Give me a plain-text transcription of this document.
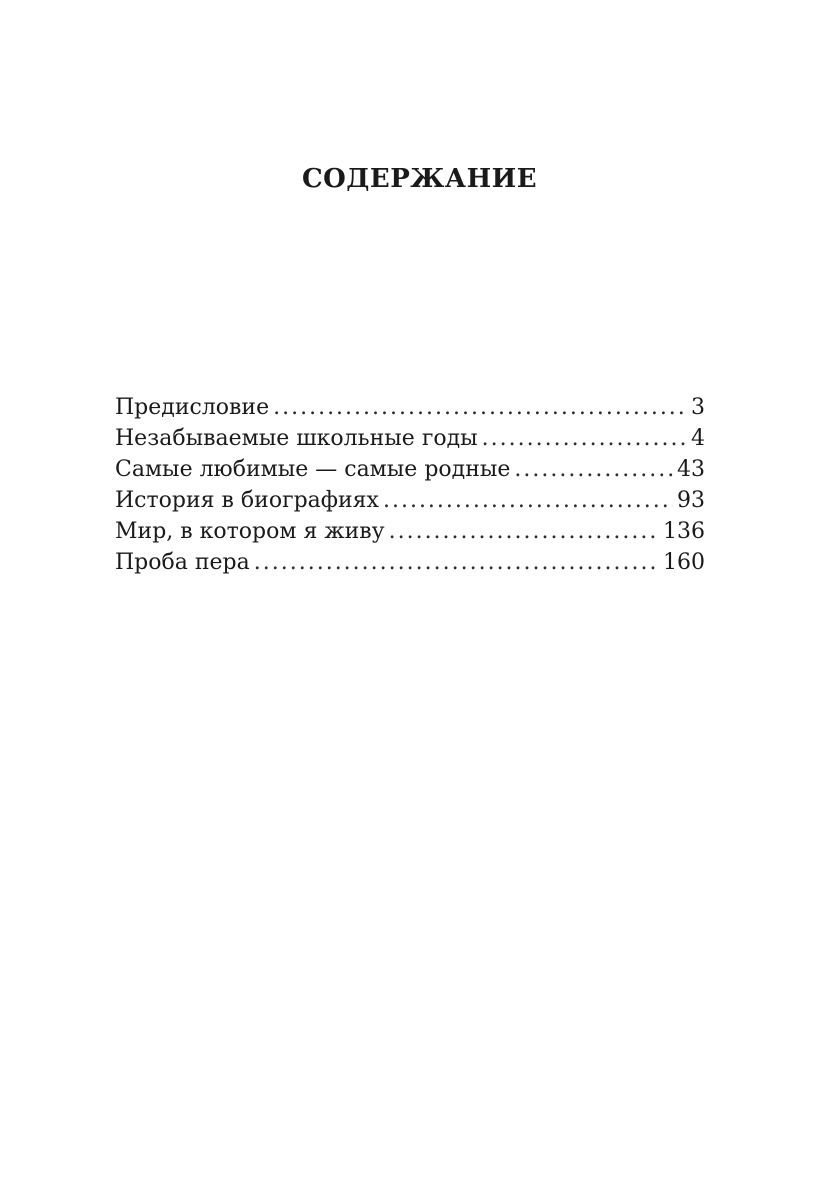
СОДЕРЖАНИЕ
Предисловие .....	3
Незабываемые школьные годы .....	4
Самые любимые — самые родные .....	43
История в биографиях .....	93
Мир, в котором я живу .....	136
Проба пера .....	160
